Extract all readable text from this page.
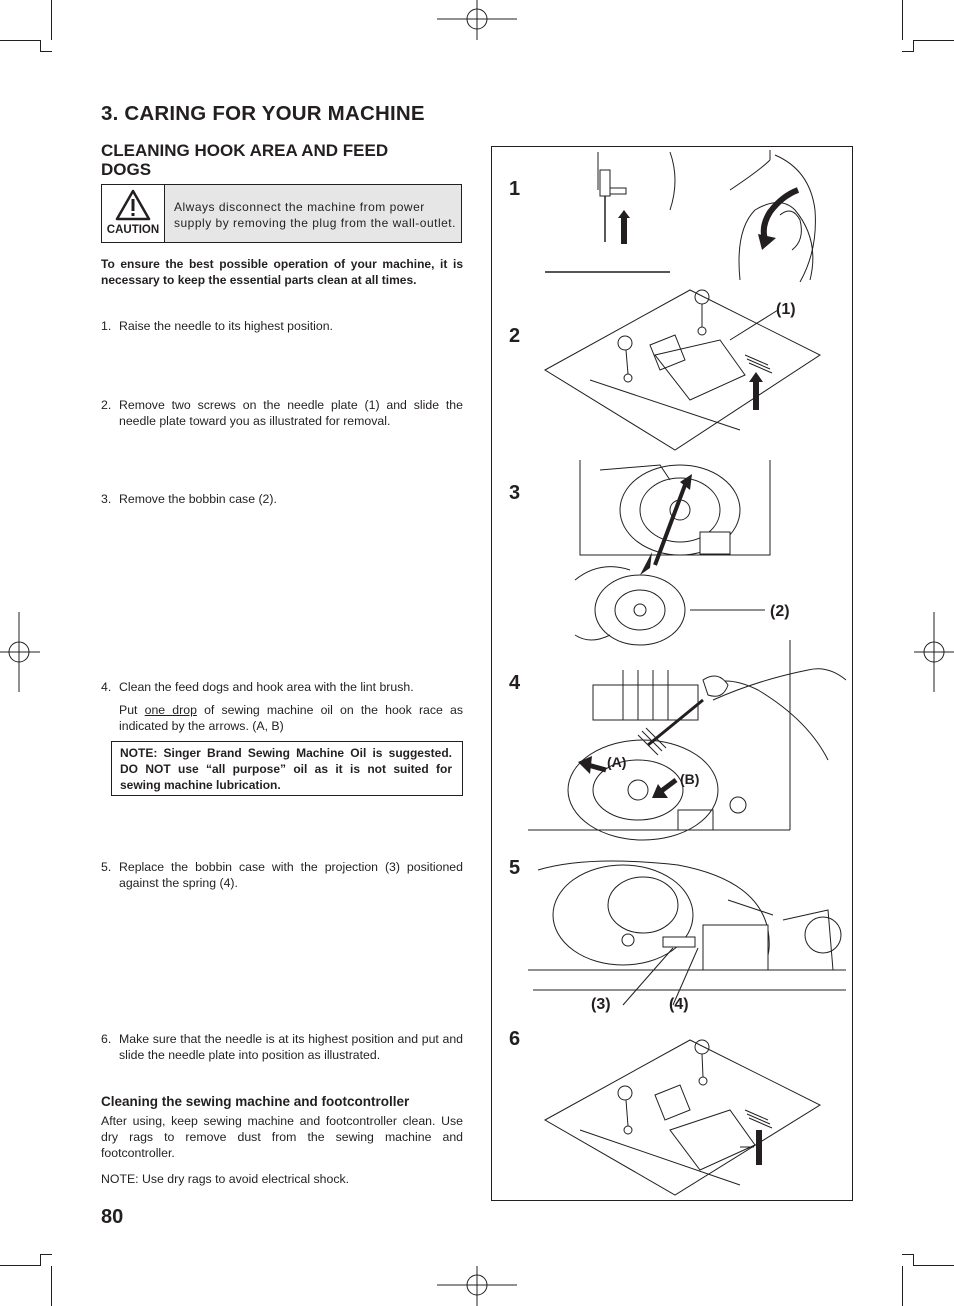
3. CARING FOR YOUR MACHINE
CLEANING HOOK AREA AND FEED DOGS
CAUTION
Always disconnect the machine from power supply by removing the plug from the wall-outlet.
To ensure the best possible operation of your machine, it is necessary to keep the essential parts clean at all times.
1. Raise the needle to its highest position.
2. Remove two screws on the needle plate (1) and slide the needle plate toward you as illustrated for removal.
3. Remove the bobbin case (2).
4. Clean the feed dogs and hook area with the lint brush.
Put one drop of sewing machine oil on the hook race as indicated by the arrows. (A, B)
NOTE: Singer Brand Sewing Machine Oil is suggested. DO NOT use “all purpose” oil as it is not suited for sewing machine lubrication.
5. Replace the bobbin case with the projection (3) positioned against the spring (4).
6. Make sure that the needle is at its highest position and put and slide the needle plate into position as illustrated.
Cleaning the sewing machine and footcontroller
After using, keep sewing machine and footcontroller clean. Use dry rags to remove dust from the sewing machine and footcontroller.
NOTE: Use dry rags to avoid electrical shock.
80
1
2
3
4
5
6
(1)
(2)
(A)
(B)
(3)	(4)
